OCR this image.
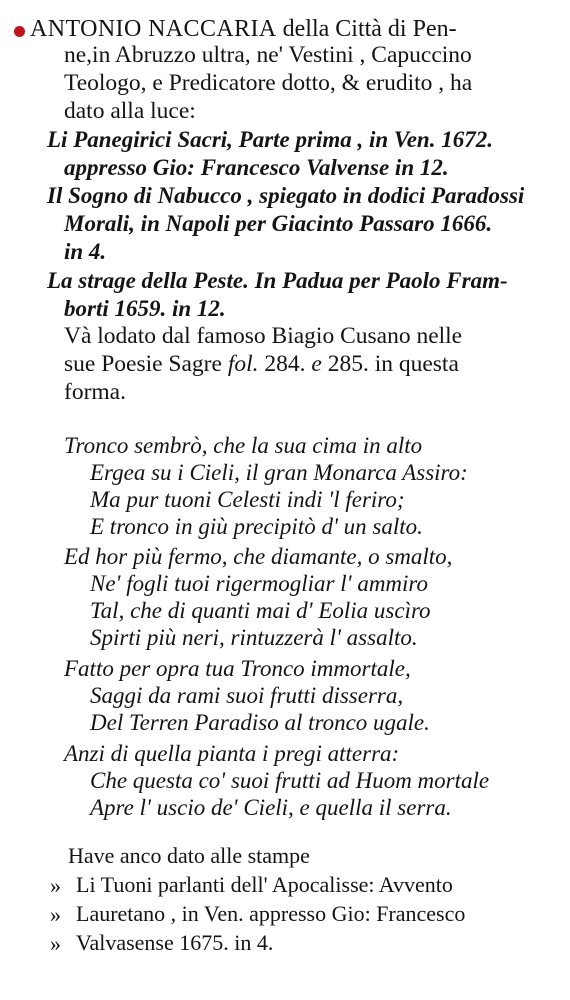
ANTONIO NACCARIA della Città di Pen-
ne,in Abruzzo ultra, ne' Vestini , Capuccino
Teologo, e Predicatore dotto, & erudito , ha
dato alla luce:
Li Panegirici Sacri, Parte prima , in Ven. 1672.
appresso Gio: Francesco Valvense in 12.
Il Sogno di Nabucco , spiegato in dodici Paradossi
Morali, in Napoli per Giacinto Passaro 1666.
in 4.
La strage della Peste. In Padua per Paolo Fram-
borti 1659. in 12.
Và lodato dal famoso Biagio Cusano nelle
sue Poesie Sagre fol. 284. e 285. in questa
forma.
Tronco sembrò, che la sua cima in alto
Ergea su i Cieli, il gran Monarca Assiro:
Ma pur tuoni Celesti indi 'l feriro;
E tronco in giù precipitò d' un salto.
Ed hor più fermo, che diamante, o smalto,
Ne' fogli tuoi rigermogliar l' ammiro
Tal, che di quanti mai d' Eolia uscìro
Spirti più neri, rintuzzerà l' assalto.
Fatto per opra tua Tronco immortale,
Saggi da rami suoi frutti disserra,
Del Terren Paradiso al tronco ugale.
Anzi di quella pianta i pregi atterra:
Che questa co' suoi frutti ad Huom mortale
Apre l' uscio de' Cieli, e quella il serra.
Have anco dato alle stampe
» Li Tuoni parlanti dell' Apocalisse: Avvento
» Lauretano , in Ven. appresso Gio: Francesco
» Valvasense 1675. in 4.
